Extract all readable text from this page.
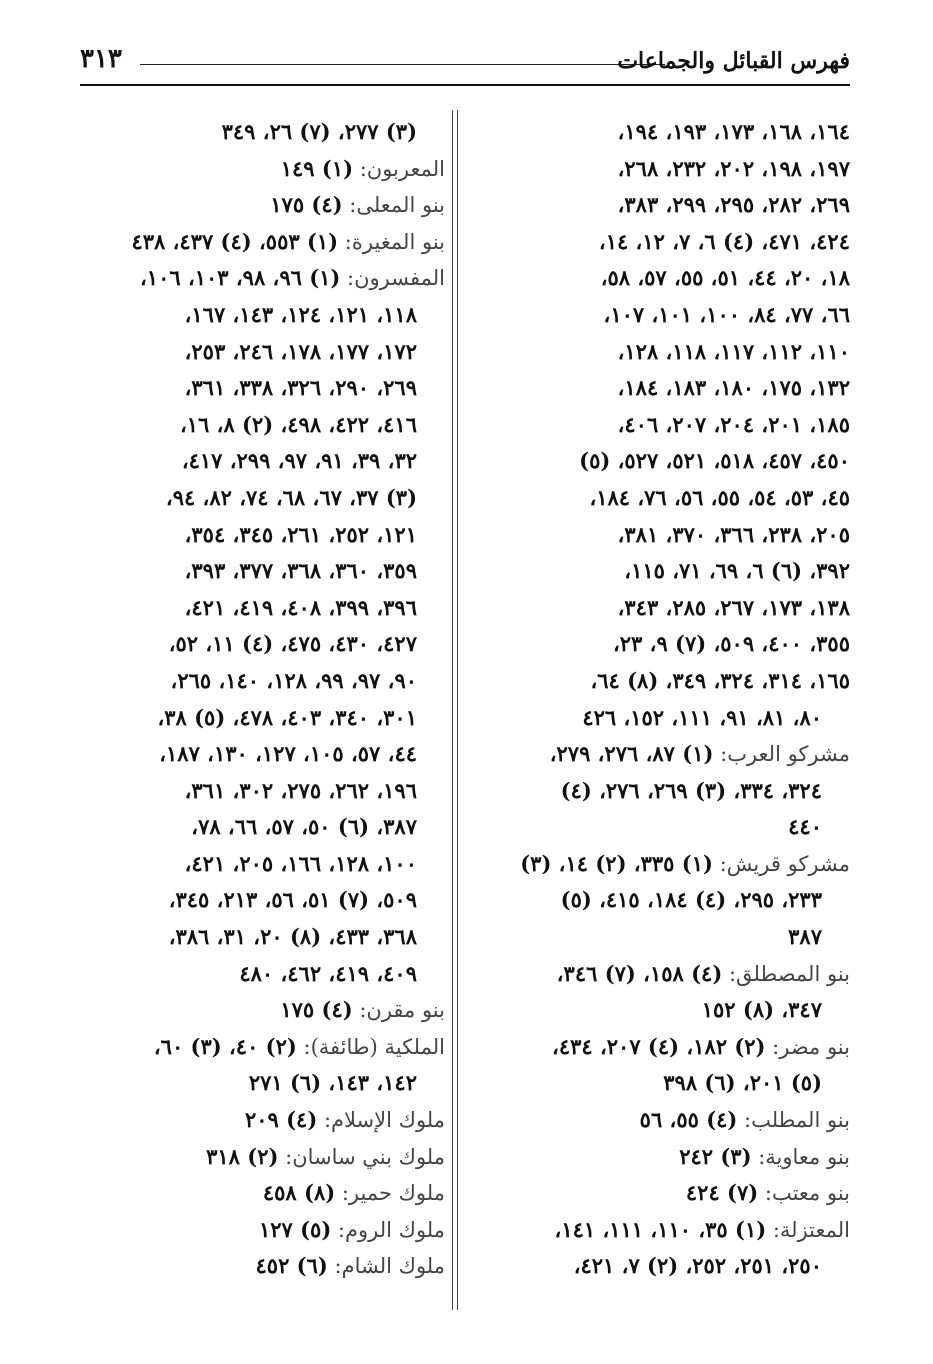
٣١٣	فهرس القبائل والجماعات
١٦٤، ١٦٨، ١٧٣، ١٩٣، ١٩٤،
١٩٧، ١٩٨، ٢٠٢، ٢٣٢، ٢٦٨،
٢٦٩، ٢٨٢، ٢٩٥، ٢٩٩، ٣٨٣،
٤٢٤، ٤٧١، (٤) ٦، ٧، ١٢، ١٤،
١٨، ٢٠، ٤٤، ٥١، ٥٥، ٥٧، ٥٨،
٦٦، ٧٧، ٨٤، ١٠٠، ١٠١، ١٠٧،
١١٠، ١١٢، ١١٧، ١١٨، ١٢٨،
١٣٢، ١٧٥، ١٨٠، ١٨٣، ١٨٤،
١٨٥، ٢٠١، ٢٠٤، ٢٠٧، ٤٠٦،
٤٥٠، ٤٥٧، ٥١٨، ٥٢١، ٥٢٧، (٥)
٤٥، ٥٣، ٥٤، ٥٥، ٥٦، ٧٦، ١٨٤،
٢٠٥، ٢٣٨، ٣٦٦، ٣٧٠، ٣٨١،
٣٩٢، (٦) ٦، ٦٩، ٧١، ١١٥،
١٣٨، ١٧٣، ٢٦٧، ٢٨٥، ٣٤٣،
٣٥٥، ٤٠٠، ٥٠٩، (٧) ٩، ٢٣،
١٦٥، ٣١٤، ٣٢٤، ٣٤٩، (٨) ٦٤،
٨٠، ٨١، ٩١، ١١١، ١٥٢، ٤٢٦
مشركو العرب: (١) ٨٧، ٢٧٦، ٢٧٩،
٣٢٤، ٣٣٤، (٣) ٢٦٩، ٢٧٦، (٤)
٤٤٠
مشركو قريش: (١) ٣٣٥، (٢) ١٤، (٣)
٢٣٣، ٢٩٥، (٤) ١٨٤، ٤١٥، (٥)
٣٨٧
بنو المصطلق: (٤) ١٥٨، (٧) ٣٤٦،
٣٤٧، (٨) ١٥٢
بنو مضر: (٢) ١٨٢، (٤) ٢٠٧، ٤٣٤،
(٥) ٢٠١، (٦) ٣٩٨
بنو المطلب: (٤) ٥٥، ٥٦
بنو معاوية: (٣) ٢٤٢
بنو معتب: (٧) ٤٢٤
المعتزلة: (١) ٣٥، ١١٠، ١١١، ١٤١،
٢٥٠، ٢٥١، ٢٥٢، (٢) ٧، ٤٢١،
(٣) ٢٧٧، (٧) ٢٦، ٣٤٩
المعربون: (١) ١٤٩
بنو المعلى: (٤) ١٧٥
بنو المغيرة: (١) ٥٥٣، (٤) ٤٣٧، ٤٣٨
المفسرون: (١) ٩٦، ٩٨، ١٠٣، ١٠٦،
١١٨، ١٢١، ١٢٤، ١٤٣، ١٦٧،
١٧٢، ١٧٧، ١٧٨، ٢٤٦، ٢٥٣،
٢٦٩، ٢٩٠، ٣٢٦، ٣٣٨، ٣٦١،
٤١٦، ٤٢٢، ٤٩٨، (٢) ٨، ١٦،
٣٢، ٣٩، ٩١، ٩٧، ٢٩٩، ٤١٧،
(٣) ٣٧، ٦٧، ٦٨، ٧٤، ٨٢، ٩٤،
١٢١، ٢٥٢، ٢٦١، ٣٤٥، ٣٥٤،
٣٥٩، ٣٦٠، ٣٦٨، ٣٧٧، ٣٩٣،
٣٩٦، ٣٩٩، ٤٠٨، ٤١٩، ٤٢١،
٤٢٧، ٤٣٠، ٤٧٥، (٤) ١١، ٥٢،
٩٠، ٩٧، ٩٩، ١٢٨، ١٤٠، ٢٦٥،
٣٠١، ٣٤٠، ٤٠٣، ٤٧٨، (٥) ٣٨،
٤٤، ٥٧، ١٠٥، ١٢٧، ١٣٠، ١٨٧،
١٩٦، ٢٦٢، ٢٧٥، ٣٠٢، ٣٦١،
٣٨٧، (٦) ٥٠، ٥٧، ٦٦، ٧٨،
١٠٠، ١٢٨، ١٦٦، ٢٠٥، ٤٢١،
٥٠٩، (٧) ٥١، ٥٦، ٢١٣، ٣٤٥،
٣٦٨، ٤٣٣، (٨) ٢٠، ٣١، ٣٨٦،
٤٠٩، ٤١٩، ٤٦٢، ٤٨٠
بنو مقرن: (٤) ١٧٥
الملكية (طائفة): (٢) ٤٠، (٣) ٦٠،
١٤٢، ١٤٣، (٦) ٢٧١
ملوك الإسلام: (٤) ٢٠٩
ملوك بني ساسان: (٢) ٣١٨
ملوك حمير: (٨) ٤٥٨
ملوك الروم: (٥) ١٢٧
ملوك الشام: (٦) ٤٥٢
